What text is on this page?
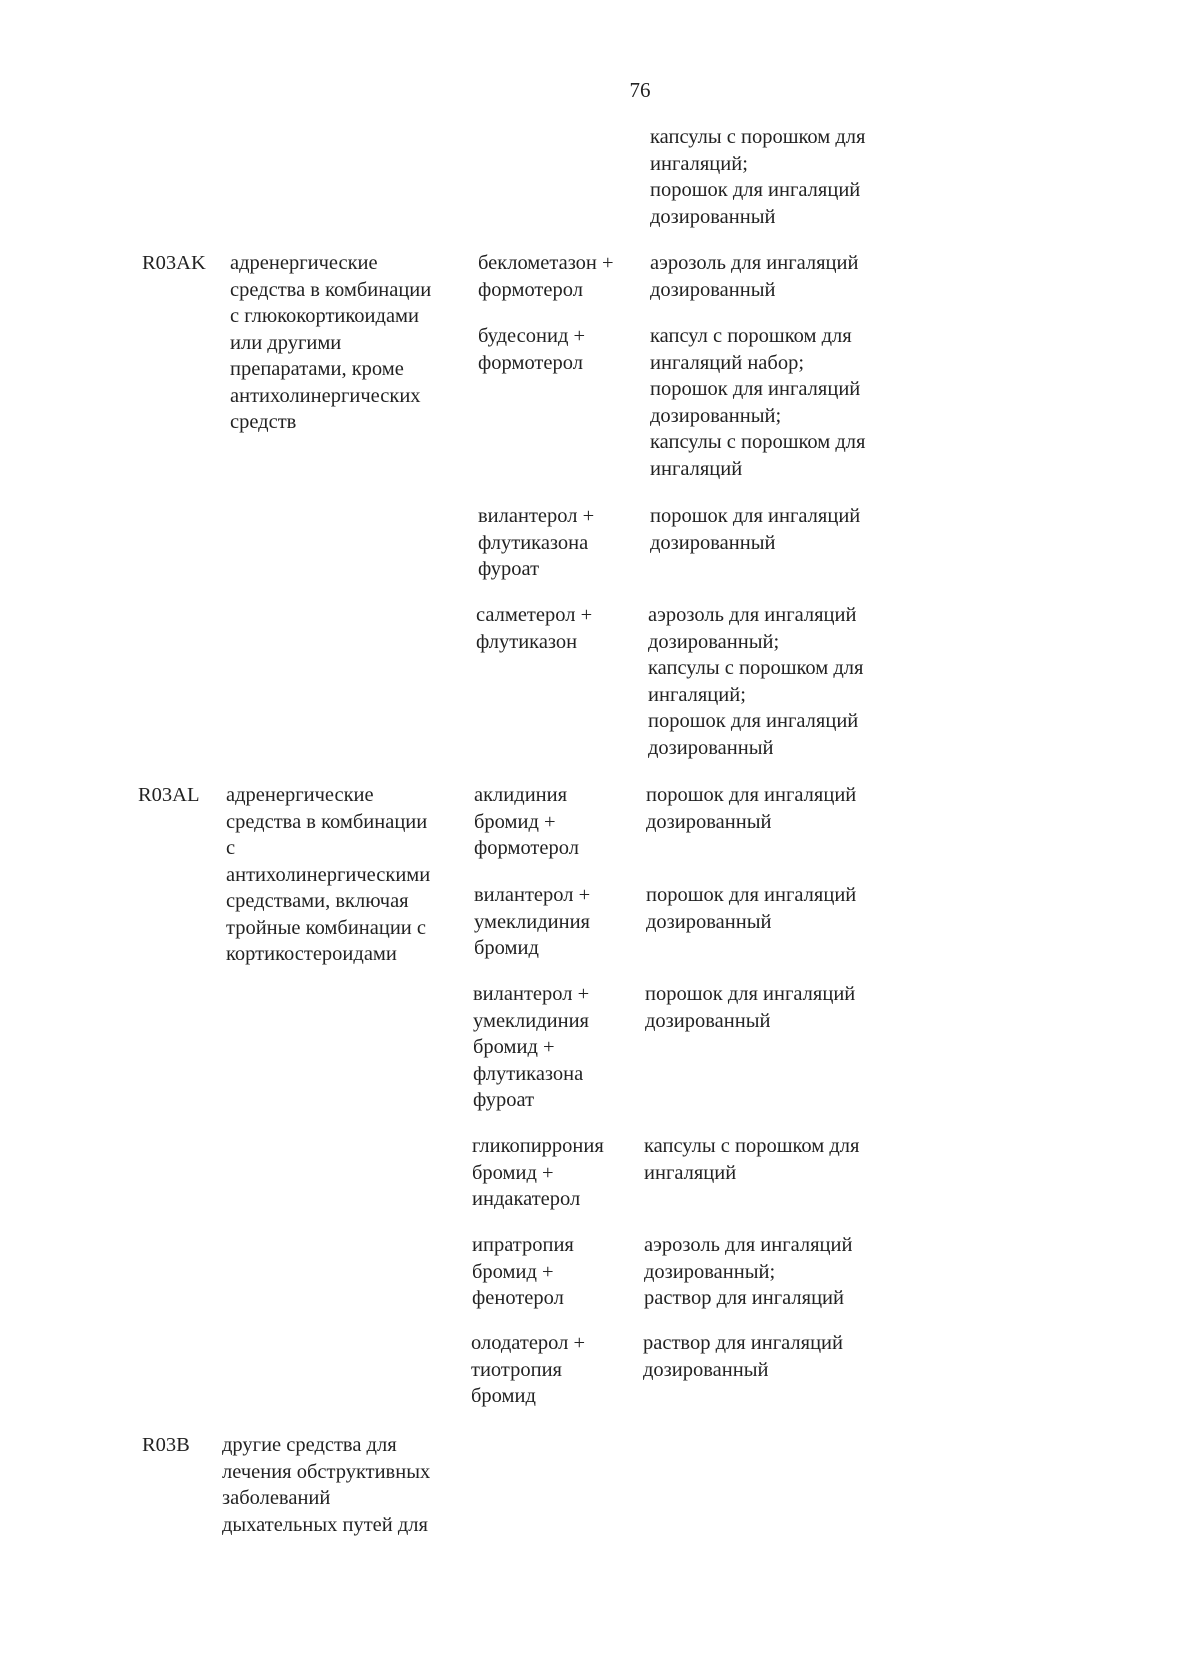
76
капсулы с порошком для
ингаляций;
порошок для ингаляций
дозированный
R03AK адренергические
средства в комбинации
с глюкокортикоидами
или другими
препаратами, кроме
антихолинергических
средств
беклометазон +
формотерол
аэрозоль для ингаляций
дозированный
будесонид +
формотерол
капсул с порошком для
ингаляций набор;
порошок для ингаляций
дозированный;
капсулы с порошком для
ингаляций
вилантерол +
флутиказона
фуроат
порошок для ингаляций
дозированный
салметерол +
флутиказон
аэрозоль для ингаляций
дозированный;
капсулы с порошком для
ингаляций;
порошок для ингаляций
дозированный
R03AL адренергические
средства в комбинации
с
антихолинергическими
средствами, включая
тройные комбинации с
кортикостероидами
аклидиния
бромид +
формотерол
порошок для ингаляций
дозированный
вилантерол +
умеклидиния
бромид
порошок для ингаляций
дозированный
вилантерол +
умеклидиния
бромид +
флутиказона
фуроат
порошок для ингаляций
дозированный
гликопиррония
бромид +
индакатерол
капсулы с порошком для
ингаляций
ипратропия
бромид +
фенотерол
аэрозоль для ингаляций
дозированный;
раствор для ингаляций
олодатерол +
тиотропия
бромид
раствор для ингаляций
дозированный
R03B другие средства для
лечения обструктивных
заболеваний
дыхательных путей для
